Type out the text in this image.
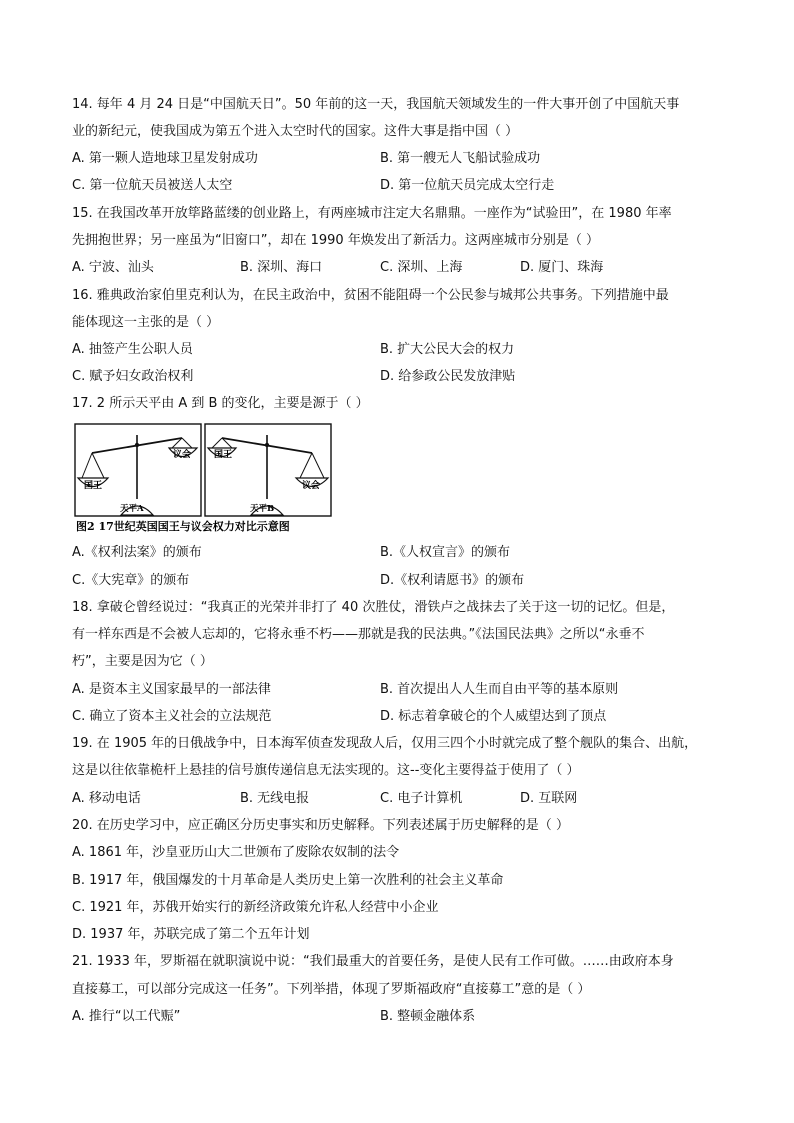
14. 每年 4 月 24 日是“中国航天日”。50 年前的这一天，我国航天领域发生的一件大事开创了中国航天事
业的新纪元，使我国成为第五个进入太空时代的国家。这件大事是指中国（ ）
A. 第一颗人造地球卫星发射成功	B. 第一艘无人飞船试验成功
C. 第一位航天员被送人太空	D. 第一位航天员完成太空行走
15. 在我国改革开放筚路蓝缕的创业路上，有两座城市注定大名鼎鼎。一座作为“试验田”，在 1980 年率
先拥抱世界；另一座虽为“旧窗口”，却在 1990 年焕发出了新活力。这两座城市分别是（ ）
A. 宁波、汕头	B. 深圳、海口	C. 深圳、上海	D. 厦门、珠海
16. 雅典政治家伯里克利认为，在民主政治中，贫困不能阻碍一个公民参与城邦公共事务。下列措施中最
能体现这一主张的是（ ）
A. 抽签产生公职人员	B. 扩大公民大会的权力
C. 赋予妇女政治权利	D. 给参政公民发放津贴
17. 2 所示天平由 A 到 B 的变化，主要是源于（ ）
国王
议会
天平A
国王
议会
天平B
图2 17世纪英国国王与议会权力对比示意图
A.《权利法案》的颁布	B.《人权宣言》的颁布
C.《大宪章》的颁布	D.《权利请愿书》的颁布
18. 拿破仑曾经说过：“我真正的光荣并非打了 40 次胜仗，滑铁卢之战抹去了关于这一切的记忆。但是，
有一样东西是不会被人忘却的，它将永垂不朽——那就是我的民法典。”《法国民法典》之所以“永垂不
朽”，主要是因为它（ ）
A. 是资本主义国家最早的一部法律	B. 首次提出人人生而自由平等的基本原则
C. 确立了资本主义社会的立法规范	D. 标志着拿破仑的个人威望达到了顶点
19. 在 1905 年的日俄战争中，日本海军侦查发现敌人后，仅用三四个小时就完成了整个舰队的集合、出航，
这是以往依靠桅杆上悬挂的信号旗传递信息无法实现的。这--变化主要得益于使用了（ ）
A. 移动电话	B. 无线电报	C. 电子计算机	D. 互联网
20. 在历史学习中，应正确区分历史事实和历史解释。下列表述属于历史解释的是（ ）
A. 1861 年，沙皇亚历山大二世颁布了废除农奴制的法令
B. 1917 年，俄国爆发的十月革命是人类历史上第一次胜利的社会主义革命
C. 1921 年，苏俄开始实行的新经济政策允许私人经营中小企业
D. 1937 年，苏联完成了第二个五年计划
21. 1933 年，罗斯福在就职演说中说：“我们最重大的首要任务，是使人民有工作可做。……由政府本身
直接募工，可以部分完成这一任务”。下列举措，体现了罗斯福政府“直接募工”意的是（ ）
A. 推行“以工代赈”	B. 整顿金融体系
